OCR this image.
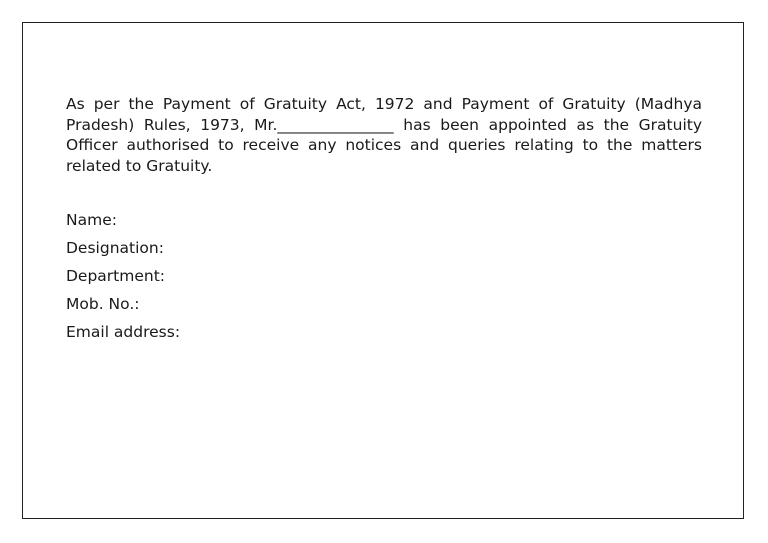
As per the Payment of Gratuity Act, 1972 and Payment of Gratuity (Madhya Pradesh) Rules, 1973, Mr._______________ has been appointed as the Gratuity Officer authorised to receive any notices and queries relating to the matters related to Gratuity.

Name:
Designation:
Department:
Mob. No.:
Email address:
